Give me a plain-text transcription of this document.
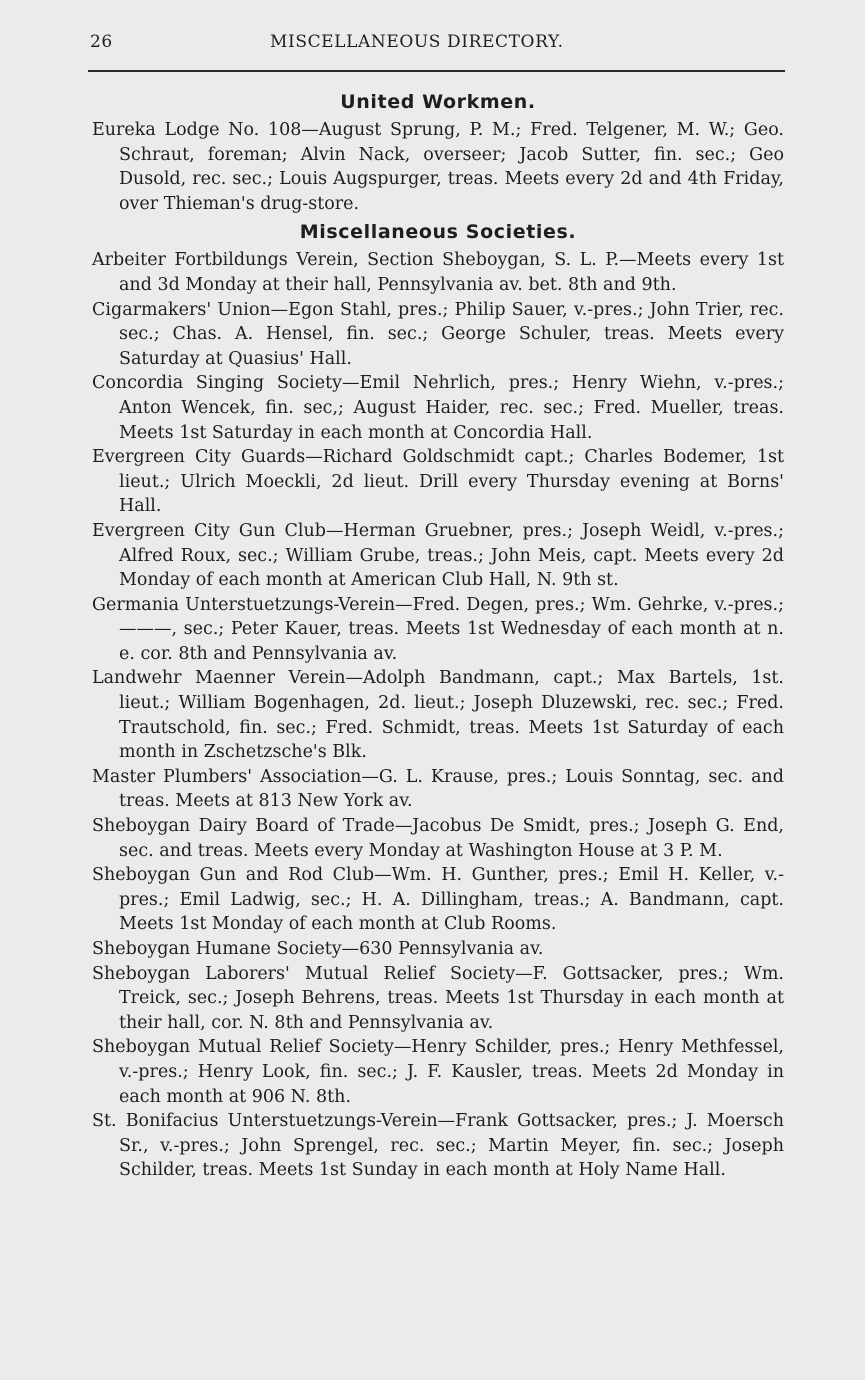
26	MISCELLANEOUS DIRECTORY.
United Workmen.

Eureka Lodge No. 108—August Sprung, P. M.; Fred. Telgener, M. W.; Geo. Schraut, foreman; Alvin Nack, overseer; Jacob Sutter, fin. sec.; Geo Dusold, rec. sec.; Louis Augspurger, treas. Meets every 2d and 4th Friday, over Thieman's drug-store.

Miscellaneous Societies.

Arbeiter Fortbildungs Verein, Section Sheboygan, S. L. P.—Meets every 1st and 3d Monday at their hall, Pennsylvania av. bet. 8th and 9th.

Cigarmakers' Union—Egon Stahl, pres.; Philip Sauer, v.-pres.; John Trier, rec. sec.; Chas. A. Hensel, fin. sec.; George Schuler, treas. Meets every Saturday at Quasius' Hall.

Concordia Singing Society—Emil Nehrlich, pres.; Henry Wiehn, v.-pres.; Anton Wencek, fin. sec,; August Haider, rec. sec.; Fred. Mueller, treas. Meets 1st Saturday in each month at Concordia Hall.

Evergreen City Guards—Richard Goldschmidt capt.; Charles Bodemer, 1st lieut.; Ulrich Moeckli, 2d lieut. Drill every Thursday evening at Borns' Hall.

Evergreen City Gun Club—Herman Gruebner, pres.; Joseph Weidl, v.-pres.; Alfred Roux, sec.; William Grube, treas.; John Meis, capt. Meets every 2d Monday of each month at American Club Hall, N. 9th st.

Germania Unterstuetzungs-Verein—Fred. Degen, pres.; Wm. Gehrke, v.-pres.; ———, sec.; Peter Kauer, treas. Meets 1st Wednesday of each month at n. e. cor. 8th and Pennsylvania av.

Landwehr Maenner Verein—Adolph Bandmann, capt.; Max Bartels, 1st. lieut.; William Bogenhagen, 2d. lieut.; Joseph Dluzewski, rec. sec.; Fred. Trautschold, fin. sec.; Fred. Schmidt, treas. Meets 1st Saturday of each month in Zschetzsche's Blk.

Master Plumbers' Association—G. L. Krause, pres.; Louis Sonntag, sec. and treas. Meets at 813 New York av.

Sheboygan Dairy Board of Trade—Jacobus De Smidt, pres.; Joseph G. End, sec. and treas. Meets every Monday at Washington House at 3 P. M.

Sheboygan Gun and Rod Club—Wm. H. Gunther, pres.; Emil H. Keller, v.-pres.; Emil Ladwig, sec.; H. A. Dillingham, treas.; A. Bandmann, capt. Meets 1st Monday of each month at Club Rooms.

Sheboygan Humane Society—630 Pennsylvania av.

Sheboygan Laborers' Mutual Relief Society—F. Gottsacker, pres.; Wm. Treick, sec.; Joseph Behrens, treas. Meets 1st Thursday in each month at their hall, cor. N. 8th and Pennsylvania av.

Sheboygan Mutual Relief Society—Henry Schilder, pres.; Henry Methfessel, v.-pres.; Henry Look, fin. sec.; J. F. Kausler, treas. Meets 2d Monday in each month at 906 N. 8th.

St. Bonifacius Unterstuetzungs-Verein—Frank Gottsacker, pres.; J. Moersch Sr., v.-pres.; John Sprengel, rec. sec.; Martin Meyer, fin. sec.; Joseph Schilder, treas. Meets 1st Sunday in each month at Holy Name Hall.
